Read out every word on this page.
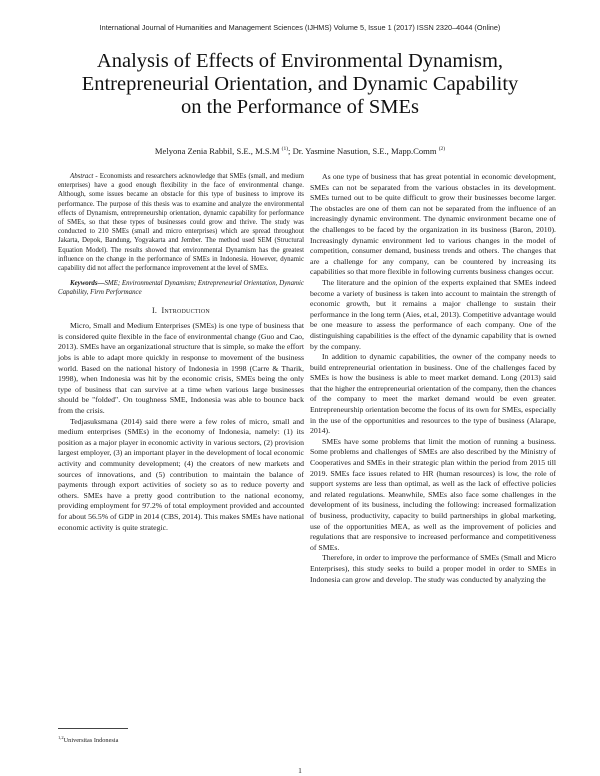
International Journal of Humanities and Management Sciences (IJHMS) Volume 5, Issue 1 (2017) ISSN 2320–4044 (Online)
Analysis of Effects of Environmental Dynamism,
Entrepreneurial Orientation, and Dynamic Capability
on the Performance of SMEs
Melyona Zenia Rabbil, S.E., M.S.M $^{(1)}$; Dr. Yasmine Nasution, S.E., Mapp.Comm $^{(2)}$

Abstract - Economists and researchers acknowledge that SMEs (small, and medium enterprises) have a good enough flexibility in the face of environmental change. Although, some issues became an obstacle for this type of business to improve its performance. The purpose of this thesis was to examine and analyze the environmental effects of Dynamism, entrepreneurship orientation, dynamic capability for performance of SMEs, so that these types of businesses could grow and thrive. The study was conducted to 210 SMEs (small and micro enterprises) which are spread throughout Jakarta, Depok, Bandung, Yogyakarta and Jember. The method used SEM (Structural Equation Model). The results showed that environmental Dynamism has the greatest influence on the change in the performance of SMEs in Indonesia. However, dynamic capability did not affect the performance improvement at the level of SMEs.

Keywords—SME; Environmental Dynamism; Entrepreneurial Orientation, Dynamic Capability, Firm Performance
I. Introduction

Micro, Small and Medium Enterprises (SMEs) is one type of business that is considered quite flexible in the face of environmental change (Guo and Cao, 2013). SMEs have an organizational structure that is simple, so make the effort jobs is able to adapt more quickly in response to movement of the business world. Based on the national history of Indonesia in 1998 (Carre & Tharik, 1998), when Indonesia was hit by the economic crisis, SMEs being the only type of business that can survive at a time when various large businesses should be "folded". On toughness SME, Indonesia was able to bounce back from the crisis.

Tedjasuksmana (2014) said there were a few roles of micro, small and medium enterprises (SMEs) in the economy of Indonesia, namely: (1) its position as a major player in economic activity in various sectors, (2) provision largest employer, (3) an important player in the development of local economic activity and community development; (4) the creators of new markets and sources of innovations, and (5) contribution to maintain the balance of payments through export activities of society so as to reduce poverty and others. SMEs have a pretty good contribution to the national economy, providing employment for 97.2% of total employment provided and accounted for about 56.5% of GDP in 2014 (CBS, 2014). This makes SMEs have national economic activity is quite strategic.

As one type of business that has great potential in economic development, SMEs can not be separated from the various obstacles in its development. SMEs turned out to be quite difficult to grow their businesses become larger. The obstacles are one of them can not be separated from the influence of an increasingly dynamic environment. The dynamic environment became one of the challenges to be faced by the organization in its business (Baron, 2010). Increasingly dynamic environment led to various changes in the model of competition, consumer demand, business trends and others. The changes that are a challenge for any company, can be countered by increasing its capabilities so that more flexible in following currents business changes occur.

The literature and the opinion of the experts explained that SMEs indeed become a variety of business is taken into account to maintain the strength of economic growth, but it remains a major challenge to sustain their performance in the long term (Aies, et.al, 2013). Competitive advantage would be one measure to assess the performance of each company. One of the distinguishing capabilities is the effect of the dynamic capability that is owned by the company.

In addition to dynamic capabilities, the owner of the company needs to build entrepreneurial orientation in business. One of the challenges faced by SMEs is how the business is able to meet market demand. Long (2013) said that the higher the entrepreneurial orientation of the company, then the chances of the company to meet the market demand would be even greater. Entrepreneurship orientation become the focus of its own for SMEs, especially in the use of the opportunities and resources to the type of business (Alarape, 2014).

SMEs have some problems that limit the motion of running a business. Some problems and challenges of SMEs are also described by the Ministry of Cooperatives and SMEs in their strategic plan within the period from 2015 till 2019. SMEs face issues related to HR (human resources) is low, the role of support systems are less than optimal, as well as the lack of effective policies and related regulations. Meanwhile, SMEs also face some challenges in the development of its business, including the following: increased formalization of business, productivity, capacity to build partnerships in global marketing, use of the opportunities MEA, as well as the improvement of policies and regulations that are responsive to increased performance and competitiveness of SMEs.

Therefore, in order to improve the performance of SMEs (Small and Micro Enterprises), this study seeks to build a proper model in order to SMEs in Indonesia can grow and develop. The study was conducted by analyzing the

$^{1,2}$Universitas Indonesia
1
